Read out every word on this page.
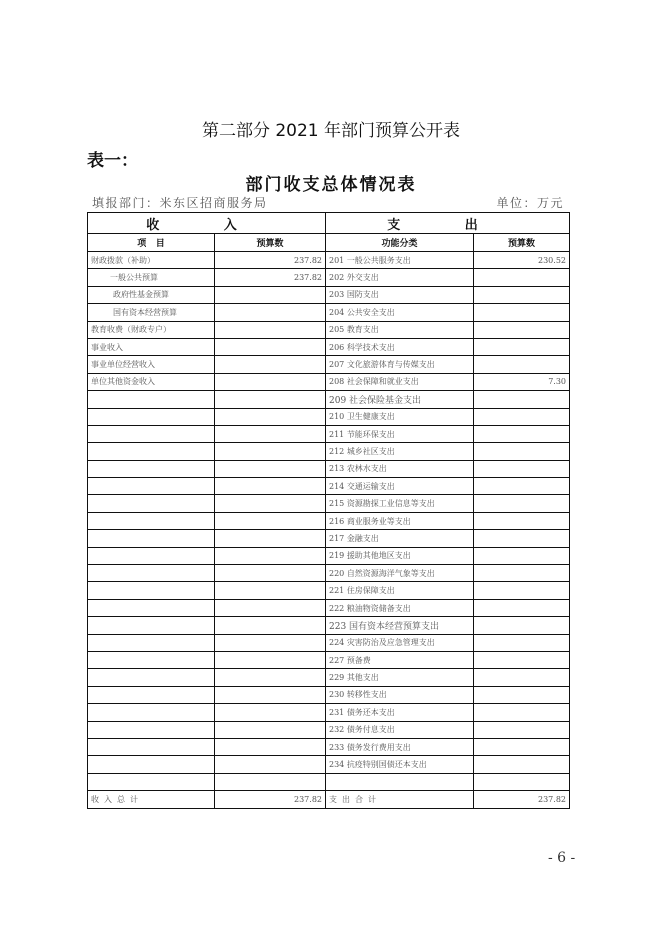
第二部分 2021 年部门预算公开表
表一：
部门收支总体情况表
填报部门：米东区招商服务局	单位：万元
收 入		支 出	
项   目	预算数	功能分类	预算数
财政拨款（补助）	237.82	201 一般公共服务支出	230.52
一般公共预算	237.82	202 外交支出	
政府性基金预算		203 国防支出	
国有资本经营预算		204 公共安全支出	
教育收费（财政专户）		205 教育支出	
事业收入		206 科学技术支出	
事业单位经营收入		207 文化旅游体育与传媒支出	
单位其他资金收入		208 社会保障和就业支出	7.30
		209 社会保险基金支出	
		210 卫生健康支出	
		211 节能环保支出	
		212 城乡社区支出	
		213 农林水支出	
		214 交通运输支出	
		215 资源勘探工业信息等支出	
		216 商业服务业等支出	
		217 金融支出	
		219 援助其他地区支出	
		220 自然资源海洋气象等支出	
		221 住房保障支出	
		222 粮油物资储备支出	
		223 国有资本经营预算支出	
		224 灾害防治及应急管理支出	
		227 预备费	
		229 其他支出	
		230 转移性支出	
		231 债务还本支出	
		232 债务付息支出	
		233 债务发行费用支出	
		234 抗疫特别国债还本支出	

收入总计	237.82	支出合计	237.82
- 6 -
